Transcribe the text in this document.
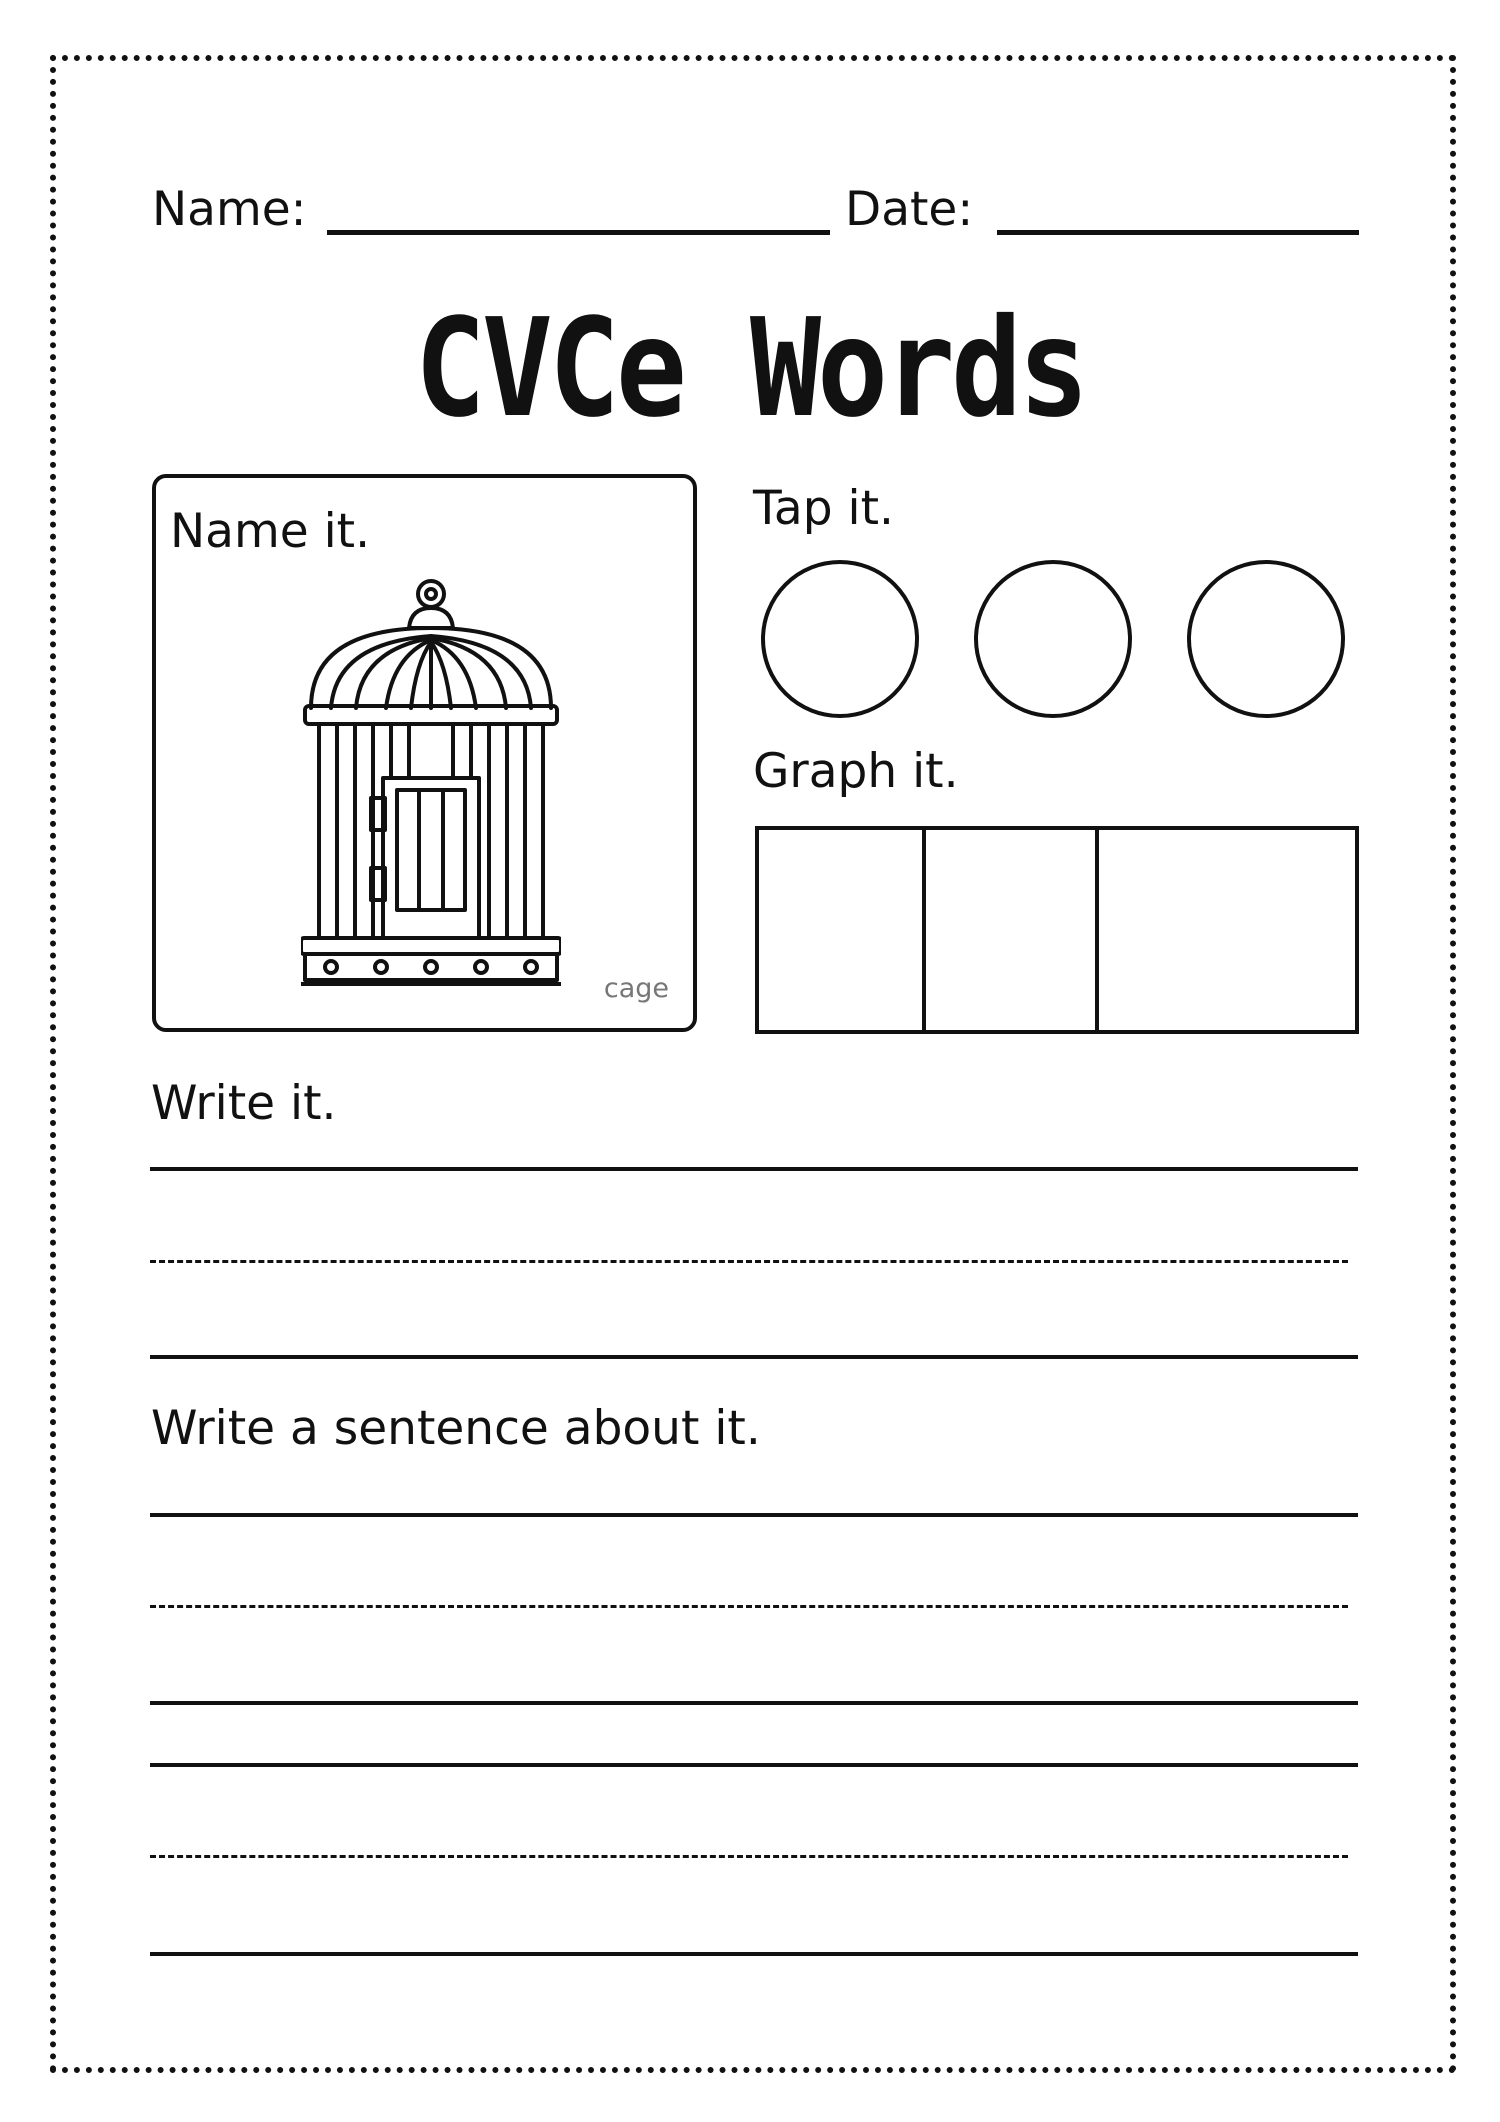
Name:	Date:
CVCe Words
Name it.
cage
Tap it.
Graph it.
Write it.
Write a sentence about it.
